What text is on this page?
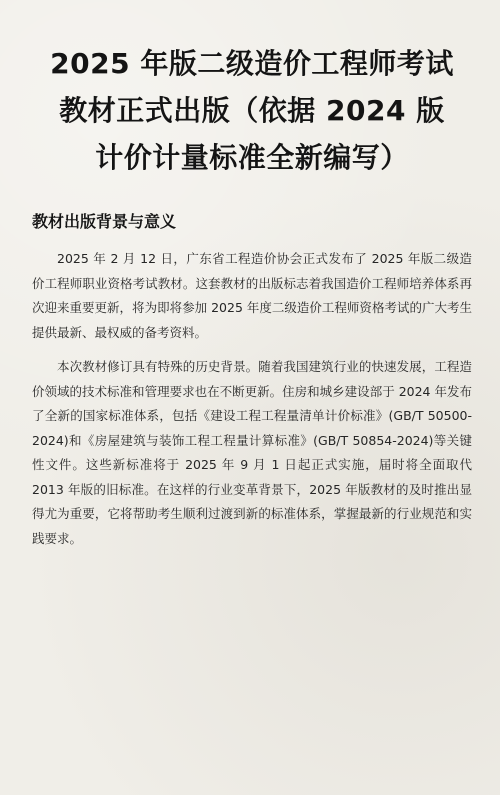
2025 年版二级造价工程师考试
教材正式出版（依据 2024 版
计价计量标准全新编写）
教材出版背景与意义

2025 年 2 月 12 日，广东省工程造价协会正式发布了 2025 年版二级造价工程师职业资格考试教材。这套教材的出版标志着我国造价工程师培养体系再次迎来重要更新，将为即将参加 2025 年度二级造价工程师资格考试的广大考生提供最新、最权威的备考资料。

本次教材修订具有特殊的历史背景。随着我国建筑行业的快速发展，工程造价领域的技术标准和管理要求也在不断更新。住房和城乡建设部于 2024 年发布了全新的国家标准体系，包括《建设工程工程量清单计价标准》(GB/T 50500-2024)和《房屋建筑与装饰工程工程量计算标准》(GB/T 50854-2024)等关键性文件。这些新标准将于 2025 年 9 月 1 日起正式实施，届时将全面取代 2013 年版的旧标准。在这样的行业变革背景下，2025 年版教材的及时推出显得尤为重要，它将帮助考生顺利过渡到新的标准体系，掌握最新的行业规范和实践要求。
